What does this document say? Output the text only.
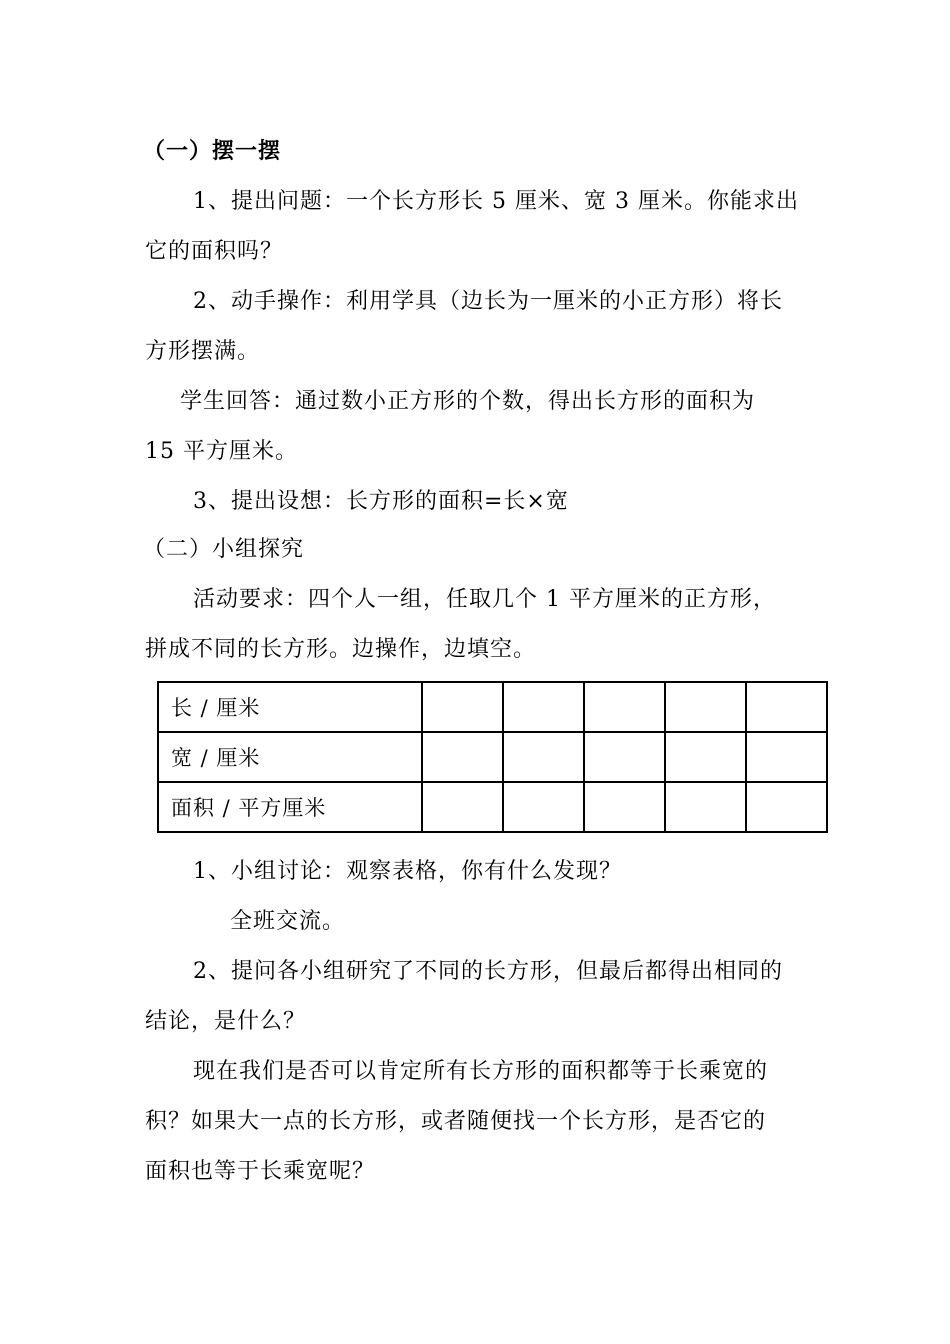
（一）摆一摆
1、提出问题：一个长方形长 5 厘米、宽 3 厘米。你能求出
它的面积吗？
2、动手操作：利用学具（边长为一厘米的小正方形）将长
方形摆满。
学生回答：通过数小正方形的个数，得出长方形的面积为
15 平方厘米。
3、提出设想：长方形的面积=长×宽
（二）小组探究
活动要求：四个人一组，任取几个 1 平方厘米的正方形，
拼成不同的长方形。边操作，边填空。
长 / 厘米					
宽 / 厘米					
面积 / 平方厘米					
1、小组讨论：观察表格，你有什么发现？
全班交流。
2、提问各小组研究了不同的长方形，但最后都得出相同的
结论，是什么？
现在我们是否可以肯定所有长方形的面积都等于长乘宽的
积？如果大一点的长方形，或者随便找一个长方形，是否它的
面积也等于长乘宽呢？
